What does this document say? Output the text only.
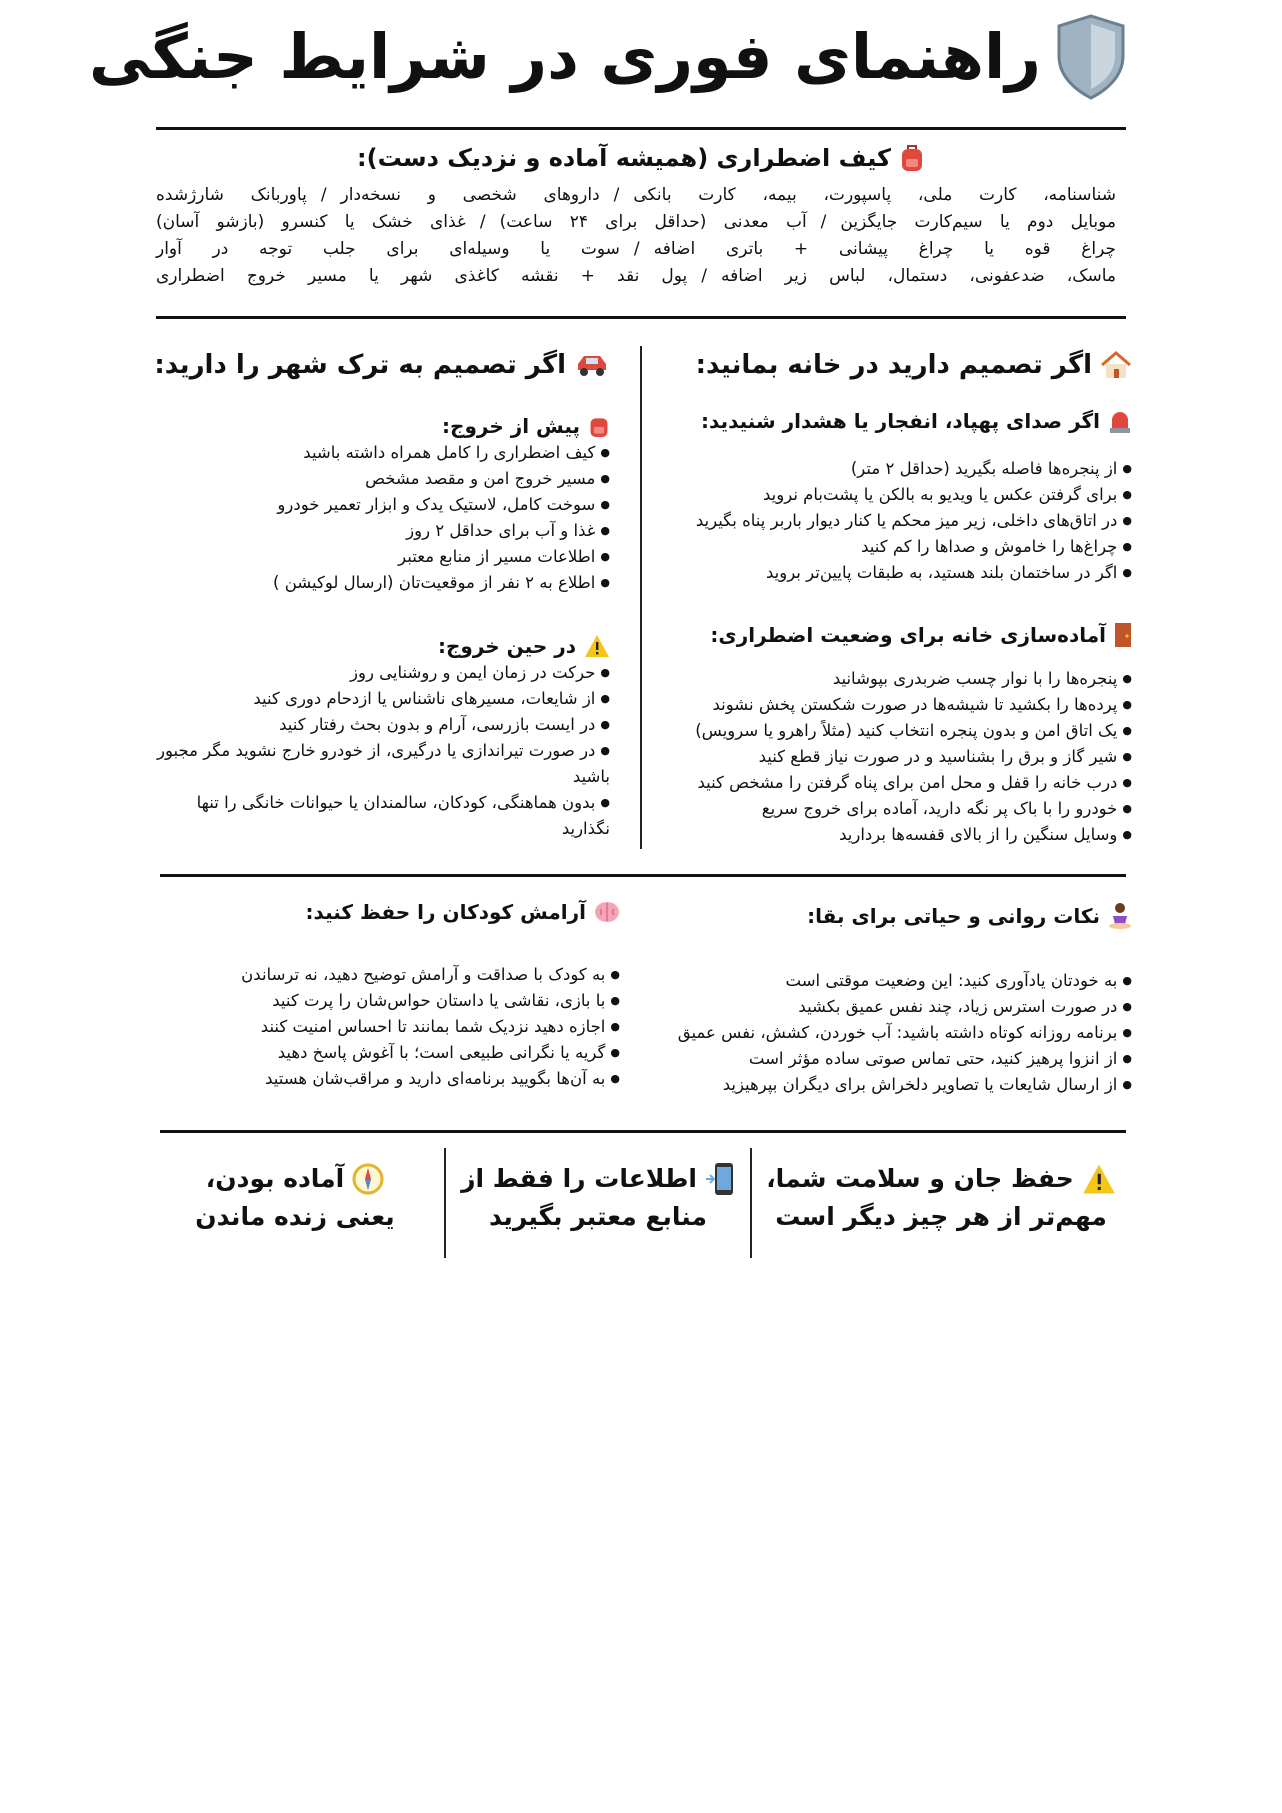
راهنمای فوری در شرایط جنگی
کیف اضطراری (همیشه آماده و نزدیک دست):
شناسنامه، کارت ملی، پاسپورت، بیمه، کارت بانکی/داروهای شخصی و نسخه‌دار/پاوربانک شارژشده
موبایل دوم یا سیم‌کارت جایگزین/آب معدنی (حداقل برای ۲۴ ساعت)/غذای خشک یا کنسرو (بازشو آسان)
چراغ قوه یا چراغ پیشانی + باتری اضافه/سوت یا وسیله‌ای برای جلب توجه در آوار
ماسک، ضدعفونی، دستمال، لباس زیر اضافه/پول نقد + نقشه کاغذی شهر یا مسیر خروج اضطراری
اگر تصمیم دارید در خانه بمانید:
اگر صدای پهپاد، انفجار یا هشدار شنیدید:
● از پنجره‌ها فاصله بگیرید (حداقل ۲ متر)
● برای گرفتن عکس یا ویدیو به بالکن یا پشت‌بام نروید
● در اتاق‌های داخلی، زیر میز محکم یا کنار دیوار باربر پناه بگیرید
● چراغ‌ها را خاموش و صداها را کم کنید
● اگر در ساختمان بلند هستید، به طبقات پایین‌تر بروید
آماده‌سازی خانه برای وضعیت اضطراری:
● پنجره‌ها را با نوار چسب ضربدری بپوشانید
● پرده‌ها را بکشید تا شیشه‌ها در صورت شکستن پخش نشوند
● یک اتاق امن و بدون پنجره انتخاب کنید (مثلاً راهرو یا سرویس)
● شیر گاز و برق را بشناسید و در صورت نیاز قطع کنید
● درب خانه را قفل و محل امن برای پناه گرفتن را مشخص کنید
● خودرو را با باک پر نگه دارید، آماده برای خروج سریع
● وسایل سنگین را از بالای قفسه‌ها بردارید
اگر تصمیم به ترک شهر را دارید:
پیش از خروج:
● کیف اضطراری را کامل همراه داشته باشید
● مسیر خروج امن و مقصد مشخص
● سوخت کامل، لاستیک یدک و ابزار تعمیر خودرو
● غذا و آب برای حداقل ۲ روز
● اطلاعات مسیر از منابع معتبر
● اطلاع به ۲ نفر از موقعیت‌تان (ارسال لوکیشن )
در حین خروج:
● حرکت در زمان ایمن و روشنایی روز
● از شایعات، مسیرهای ناشناس یا ازدحام دوری کنید
● در ایست بازرسی، آرام و بدون بحث رفتار کنید
● در صورت تیراندازی یا درگیری، از خودرو خارج نشوید مگر مجبور باشید
● بدون هماهنگی، کودکان، سالمندان یا حیوانات خانگی را تنها نگذارید
نکات روانی و حیاتی برای بقا:
● به خودتان یادآوری کنید: این وضعیت موقتی است
● در صورت استرس زیاد، چند نفس عمیق بکشید
● برنامه روزانه کوتاه داشته باشید: آب خوردن، کشش، نفس عمیق
● از انزوا پرهیز کنید، حتی تماس صوتی ساده مؤثر است
● از ارسال شایعات یا تصاویر دلخراش برای دیگران بپرهیزید
آرامش کودکان را حفظ کنید:
● به کودک با صداقت و آرامش توضیح دهید، نه ترساندن
● با بازی، نقاشی یا داستان حواس‌شان را پرت کنید
● اجازه دهید نزدیک شما بمانند تا احساس امنیت کنند
● گریه یا نگرانی طبیعی است؛ با آغوش پاسخ دهید
● به آن‌ها بگویید برنامه‌ای دارید و مراقب‌شان هستید
حفظ جان و سلامت شما،
مهم‌تر از هر چیز دیگر است
اطلاعات را فقط از
منابع معتبر بگیرید
آماده بودن،
یعنی زنده ماندن
